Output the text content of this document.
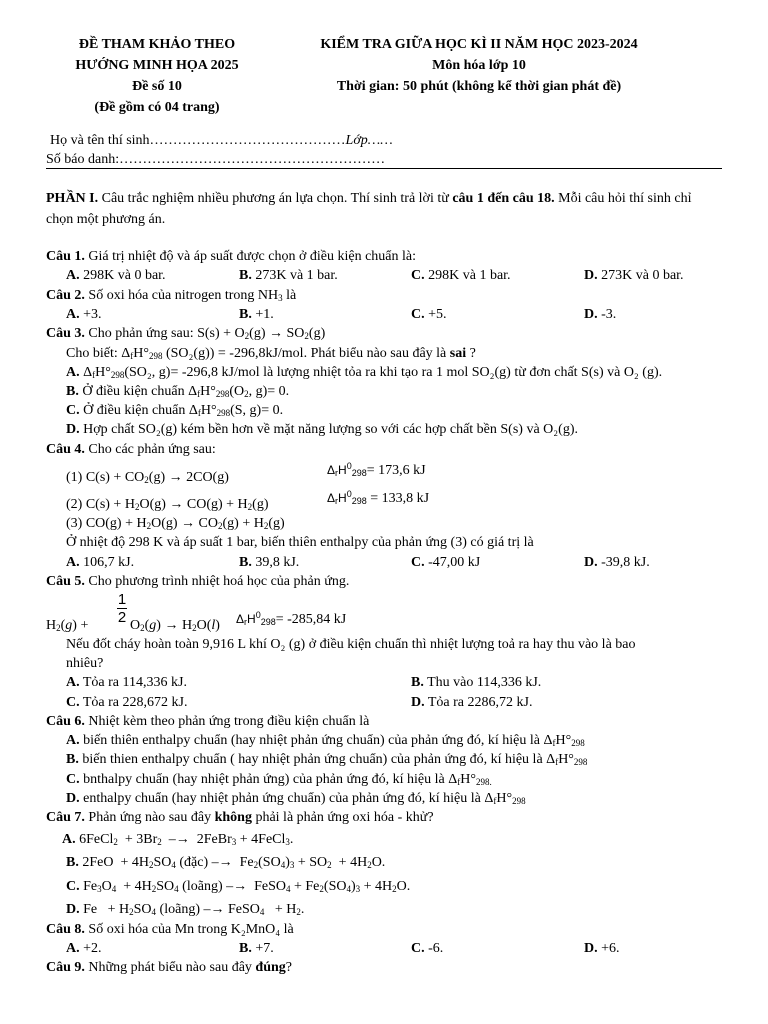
ĐỀ THAM KHẢO THEO
HƯỚNG MINH HỌA 2025
Đề số 10
(Đề gồm có 04 trang)
KIỂM TRA GIỮA HỌC KÌ II NĂM HỌC 2023-2024
Môn hóa lớp 10
Thời gian: 50 phút (không kể thời gian phát đề)
Họ và tên thí sinh……………………………………Lớp……
Số báo danh:…………………………………………………
PHẦN I. Câu trắc nghiệm nhiều phương án lựa chọn. Thí sinh trả lời từ câu 1 đến câu 18. Mỗi câu hỏi thí sinh chỉ chọn một phương án.
Câu 1. Giá trị nhiệt độ và áp suất được chọn ở điều kiện chuẩn là:
A. 298K và 0 bar.	B. 273K và 1 bar.	C. 298K và 1 bar.	D. 273K và 0 bar.
Câu 2. Số oxi hóa của nitrogen trong $NH_3$ là
A. +3.	B. +1.	C. +5.	D. -3.
Câu 3. Cho phản ứng sau: $S(s) + O_2(g) \to SO_2(g)$
Cho biết: $\Delta_fH^\circ_{298}$ (SO₂(g)) = -296,8kJ/mol. Phát biểu nào sau đây là sai ?
A. $\Delta_fH^\circ_{298}(SO_2$, g)= -296,8 kJ/mol là lượng nhiệt tỏa ra khi tạo ra 1 mol SO₂(g) từ đơn chất S(s) và O₂ (g).
B. Ở điều kiện chuẩn $\Delta_fH^\circ_{298}(O_2$, g)= 0.
C. Ở điều kiện chuẩn $\Delta_fH^\circ_{298}(S$, g)= 0.
D. Hợp chất SO₂(g) kém bền hơn về mặt năng lượng so với các hợp chất bền S(s) và O₂(g).
Câu 4. Cho các phản ứng sau:
(1) $C(s) + CO_2(g) \to 2CO(g)$	$\Delta_rH^0_{298}= 173,6$ kJ
(2) $C(s) + H_2O(g) \to CO(g) + H_2(g)$	$\Delta_rH^0_{298} = 133,8$ kJ
(3) $CO(g) + H_2O(g) \to CO_2(g) + H_2(g)$
Ở nhiệt độ 298 K và áp suất 1 bar, biến thiên enthalpy của phản ứng (3) có giá trị là
A. 106,7 kJ.	B. 39,8 kJ.	C. -47,00 kJ	D. -39,8 kJ.
Câu 5. Cho phương trình nhiệt hoá học của phản ứng.
1
2
$H_2(g)$ +	$O_2(g) \to H_2O(l)$ $\Delta_rH^0_{298}= -285,84$ kJ
Nếu đốt cháy hoàn toàn 9,916 L khí O₂ (g) ở điều kiện chuẩn thì nhiệt lượng toả ra hay thu vào là bao
nhiêu?
A. Tỏa ra 114,336 kJ.	B. Thu vào 114,336 kJ.
C. Tỏa ra 228,672 kJ.	D. Tỏa ra 2286,72 kJ.
Câu 6. Nhiệt kèm theo phản ứng trong điều kiện chuẩn là
A. biến thiên enthalpy chuẩn (hay nhiệt phản ứng chuẩn) của phản ứng đó, kí hiệu là $\Delta_fH^\circ_{298}$
B. biến thien enthalpy chuẩn ( hay nhiệt phản ứng chuẩn) của phản ứng đó, kí hiệu là $\Delta_fH^\circ_{298}$
C. bnthalpy chuẩn (hay nhiệt phản ứng) của phản ứng đó, kí hiệu là $\Delta_fH^\circ_{298.}$
D. enthalpy chuẩn (hay nhiệt phản ứng chuẩn) của phản ứng đó, kí hiệu là $\Delta_fH^\circ_{298}$
Câu 7. Phản ứng nào sau đây không phải là phản ứng oxi hóa - khử?
A. 6FeCl$_2$  + $3Br_2$  –→  2FeBr$_3$ + 4FeCl$_3$.
B. $2FeO + 4H_2SO_4$ (đặc) –→  $Fe_2(SO_4)_3 + SO_2 + 4H_2O$.
C. $Fe_3O_4 + 4H_2SO_4$ (loãng) –→  FeSO$_4$ + $Fe_2(SO_4)_3 + 4H_2O$.
D. $Fe + H_2SO_4$ (loãng) –→ FeSO$_4$   + $H_2$.
Câu 8. Số oxi hóa của Mn trong K₂MnO₄ là
A. +2.	B. +7.	C. -6.	D. +6.
Câu 9. Những phát biểu nào sau đây đúng?
